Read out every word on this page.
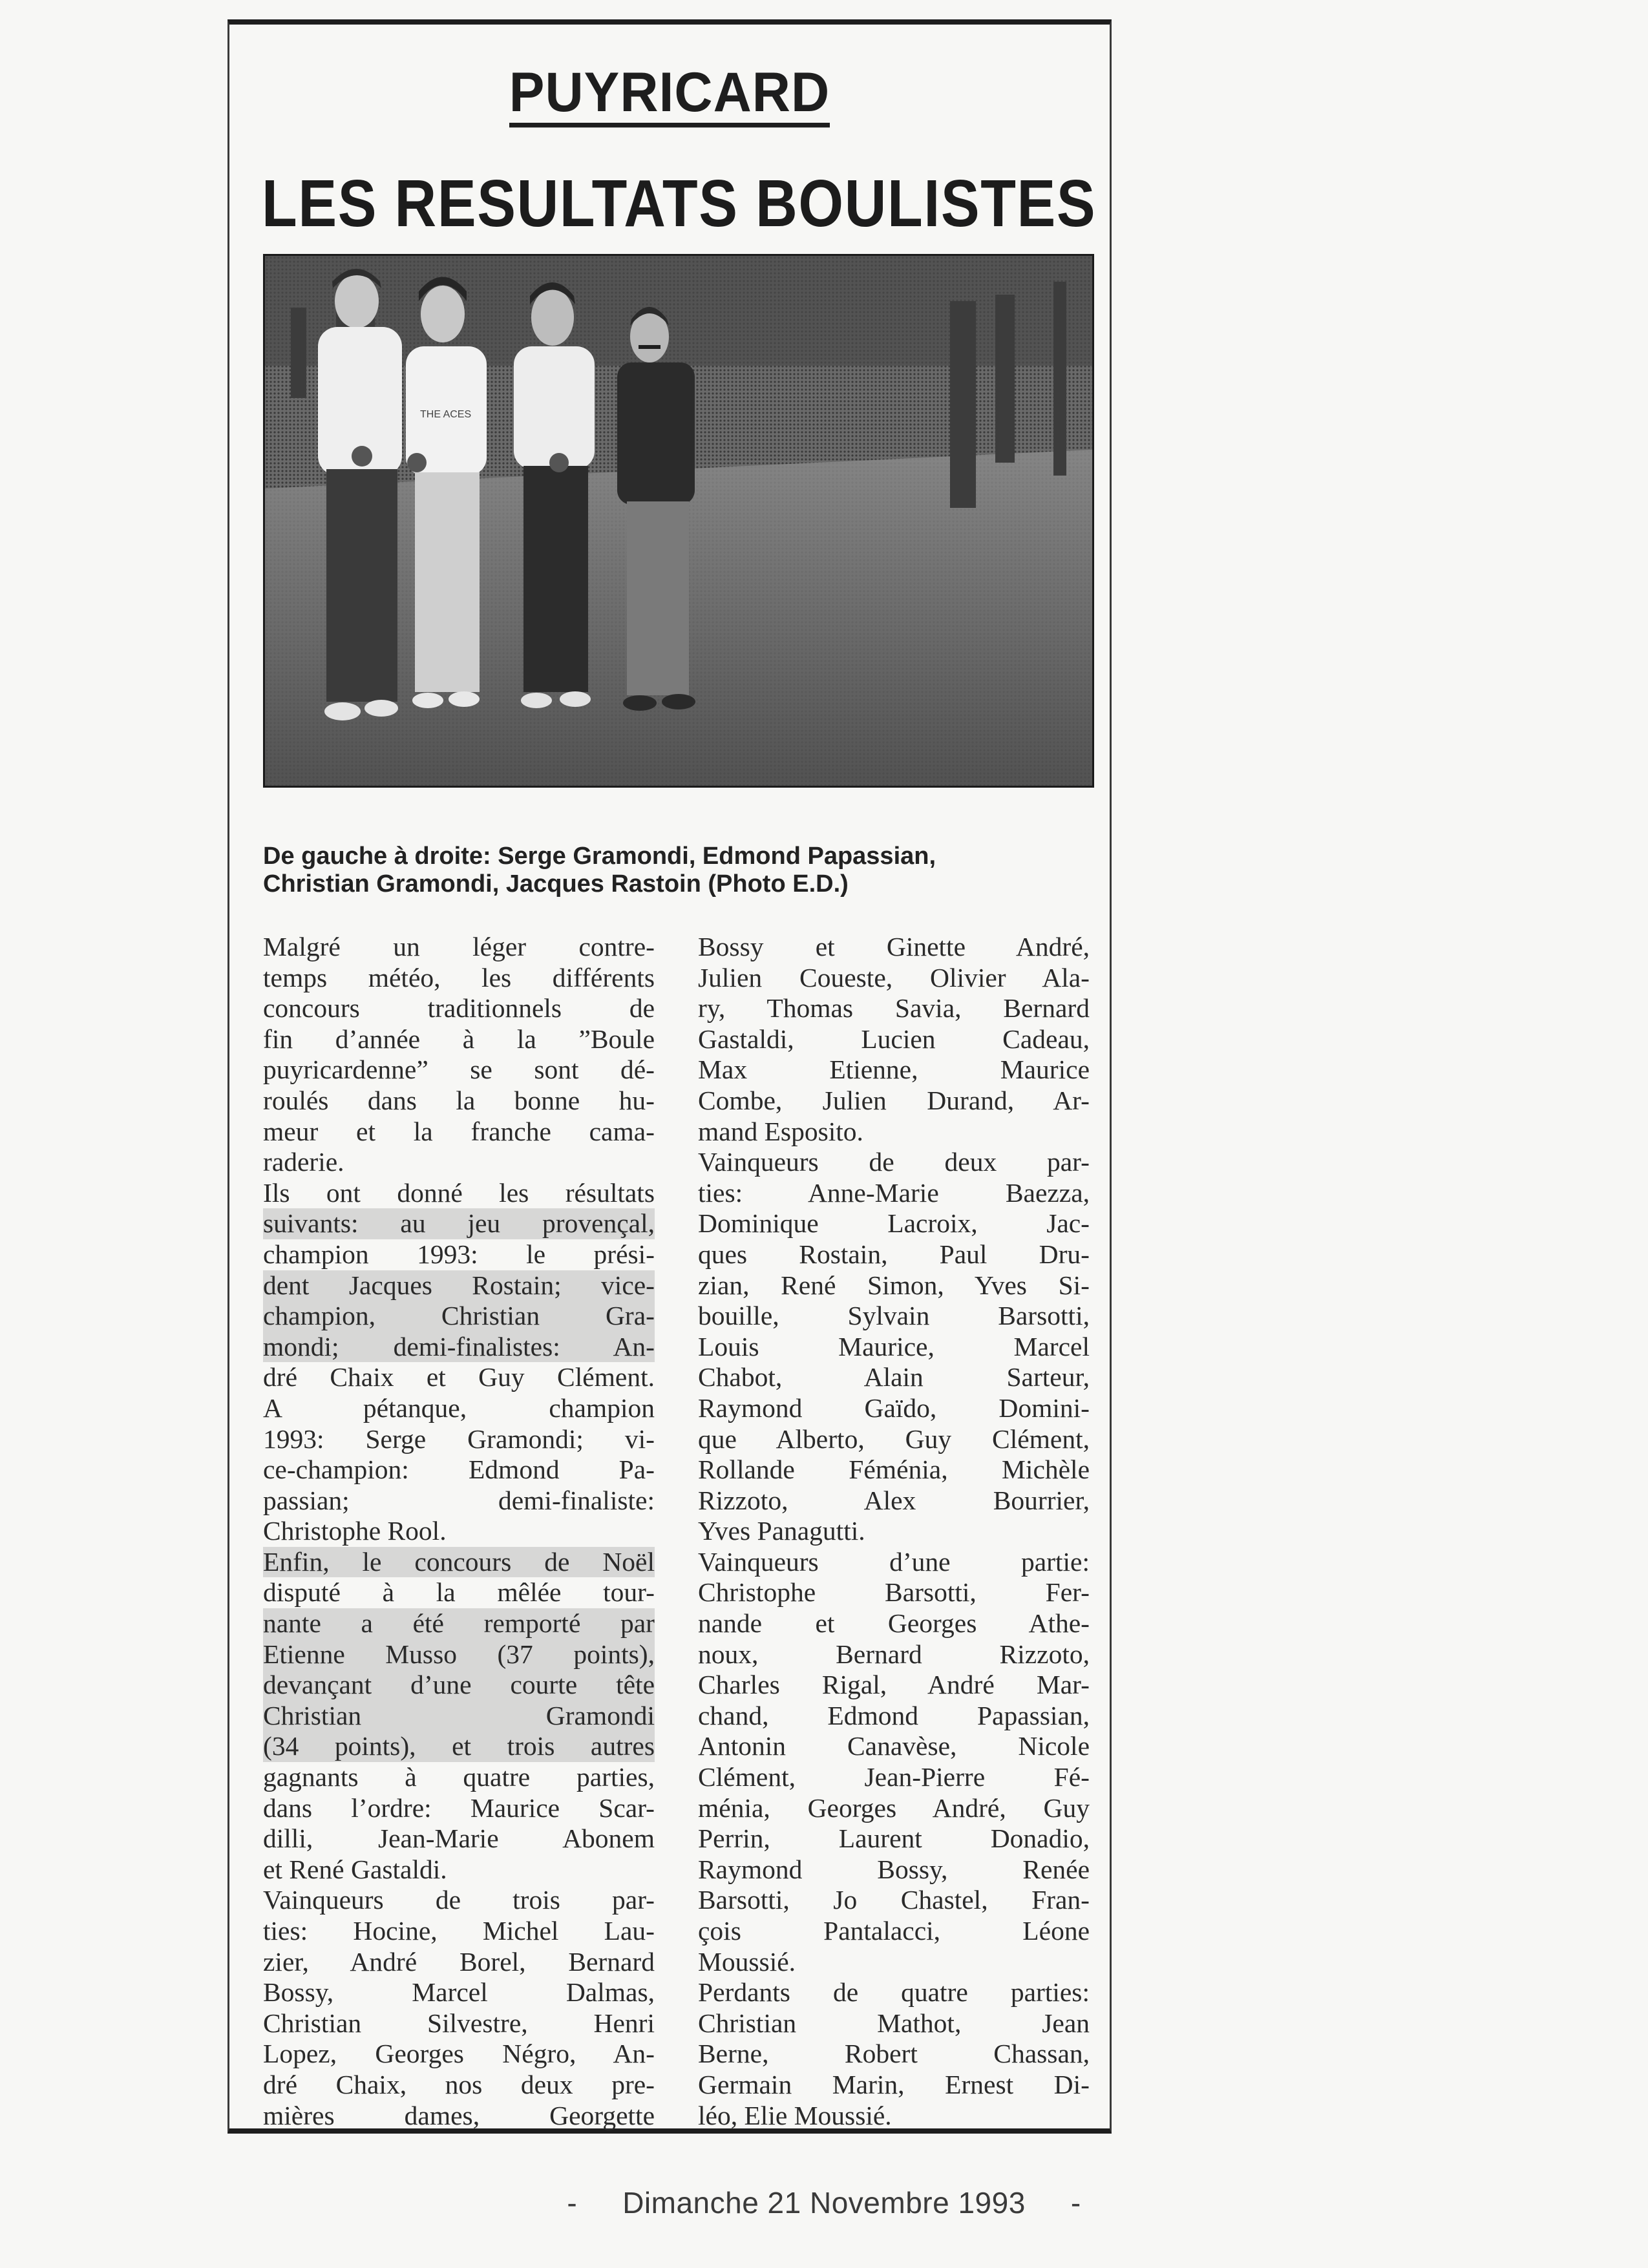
PUYRICARD
LES RESULTATS BOULISTES
THE ACES
De gauche à droite: Serge Gramondi, Edmond Papassian,
Christian Gramondi, Jacques Rastoin (Photo E.D.)
Malgré un léger contre-
temps météo, les différents
concours traditionnels de
fin d’année à la ”Boule
puyricardenne” se sont dé-
roulés dans la bonne hu-
meur et la franche cama-
raderie.
Ils ont donné les résultats
suivants: au jeu provençal,
champion 1993: le prési-
dent Jacques Rostain; vice-
champion, Christian Gra-
mondi; demi-finalistes: An-
dré Chaix et Guy Clément.
A pétanque, champion
1993: Serge Gramondi; vi-
ce-champion: Edmond Pa-
passian; demi-finaliste:
Christophe Rool.
Enfin, le concours de Noël
disputé à la mêlée tour-
nante a été remporté par
Etienne Musso (37 points),
devançant d’une courte tête
Christian Gramondi
(34 points), et trois autres
gagnants à quatre parties,
dans l’ordre: Maurice Scar-
dilli, Jean-Marie Abonem
et René Gastaldi.
Vainqueurs de trois par-
ties: Hocine, Michel Lau-
zier, André Borel, Bernard
Bossy, Marcel Dalmas,
Christian Silvestre, Henri
Lopez, Georges Négro, An-
dré Chaix, nos deux pre-
mières dames, Georgette
Bossy et Ginette André,
Julien Coueste, Olivier Ala-
ry, Thomas Savia, Bernard
Gastaldi, Lucien Cadeau,
Max Etienne, Maurice
Combe, Julien Durand, Ar-
mand Esposito.
Vainqueurs de deux par-
ties: Anne-Marie Baezza,
Dominique Lacroix, Jac-
ques Rostain, Paul Dru-
zian, René Simon, Yves Si-
bouille, Sylvain Barsotti,
Louis Maurice, Marcel
Chabot, Alain Sarteur,
Raymond Gaïdo, Domini-
que Alberto, Guy Clément,
Rollande Féménia, Michèle
Rizzoto, Alex Bourrier,
Yves Panagutti.
Vainqueurs d’une partie:
Christophe Barsotti, Fer-
nande et Georges Athe-
noux, Bernard Rizzoto,
Charles Rigal, André Mar-
chand, Edmond Papassian,
Antonin Canavèse, Nicole
Clément, Jean-Pierre Fé-
ménia, Georges André, Guy
Perrin, Laurent Donadio,
Raymond Bossy, Renée
Barsotti, Jo Chastel, Fran-
çois Pantalacci, Léone
Moussié.
Perdants de quatre parties:
Christian Mathot, Jean
Berne, Robert Chassan,
Germain Marin, Ernest Di-
léo, Elie Moussié.
- Dimanche 21 Novembre 1993 -
